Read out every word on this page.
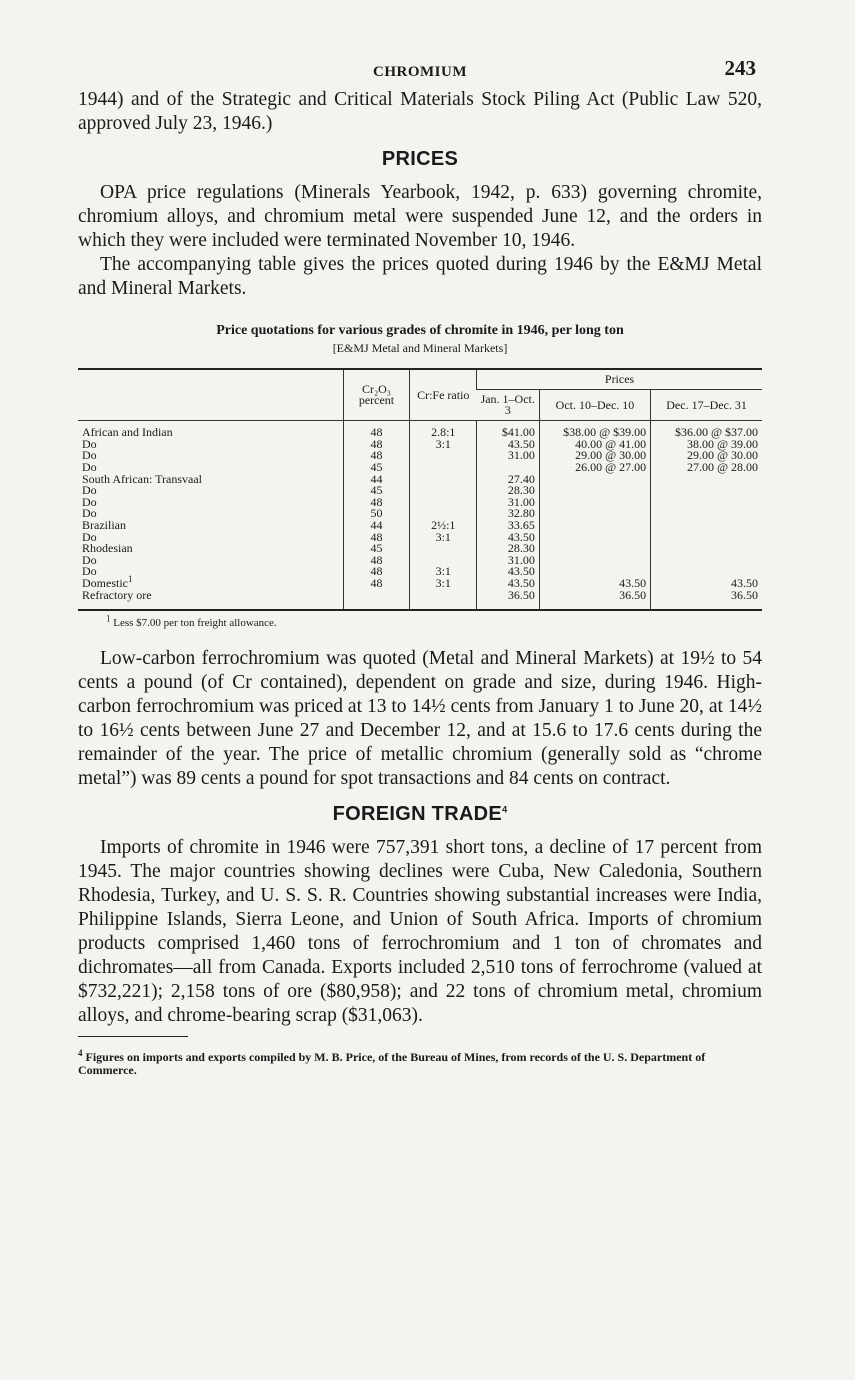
CHROMIUM	243

1944) and of the Strategic and Critical Materials Stock Piling Act (Public Law 520, approved July 23, 1946.)

PRICES

OPA price regulations (Minerals Yearbook, 1942, p. 633) governing chromite, chromium alloys, and chromium metal were suspended June 12, and the orders in which they were included were terminated November 10, 1946.

The accompanying table gives the prices quoted during 1946 by the E&MJ Metal and Mineral Markets.

Price quotations for various grades of chromite in 1946, per long ton
[E&MJ Metal and Mineral Markets]
	Cr₂O₃ percent	Cr:Fe ratio	Prices		
			Jan. 1–Oct. 3	Oct. 10–Dec. 10	Dec. 17–Dec. 31
African and Indian	48	2.8:1	$41.00	$38.00 @ $39.00	$36.00 @ $37.00
Do	48	3:1	43.50	40.00 @ 41.00	38.00 @ 39.00
Do	48		31.00	29.00 @ 30.00	29.00 @ 30.00
Do	45			26.00 @ 27.00	27.00 @ 28.00
South African: Transvaal	44		27.40		
Do	45		28.30		
Do	48		31.00		
Do	50		32.80		
Brazilian	44	2½:1	33.65		
Do	48	3:1	43.50		
Rhodesian	45		28.30		
Do	48		31.00		
Do	48	3:1	43.50		
Domestic$^1$	48	3:1	43.50	43.50	43.50
Refractory ore			36.50	36.50	36.50
$^1$ Less $7.00 per ton freight allowance.

Low-carbon ferrochromium was quoted (Metal and Mineral Markets) at 19½ to 54 cents a pound (of Cr contained), dependent on grade and size, during 1946. High-carbon ferrochromium was priced at 13 to 14½ cents from January 1 to June 20, at 14½ to 16½ cents between June 27 and December 12, and at 15.6 to 17.6 cents during the remainder of the year. The price of metallic chromium (generally sold as “chrome metal”) was 89 cents a pound for spot transactions and 84 cents on contract.

FOREIGN TRADE$^4$

Imports of chromite in 1946 were 757,391 short tons, a decline of 17 percent from 1945. The major countries showing declines were Cuba, New Caledonia, Southern Rhodesia, Turkey, and U. S. S. R. Countries showing substantial increases were India, Philippine Islands, Sierra Leone, and Union of South Africa. Imports of chromium products comprised 1,460 tons of ferrochromium and 1 ton of chromates and dichromates—all from Canada. Exports included 2,510 tons of ferrochrome (valued at $732,221); 2,158 tons of ore ($80,958); and 22 tons of chromium metal, chromium alloys, and chrome-bearing scrap ($31,063).

$^4$ Figures on imports and exports compiled by M. B. Price, of the Bureau of Mines, from records of the U. S. Department of Commerce.
